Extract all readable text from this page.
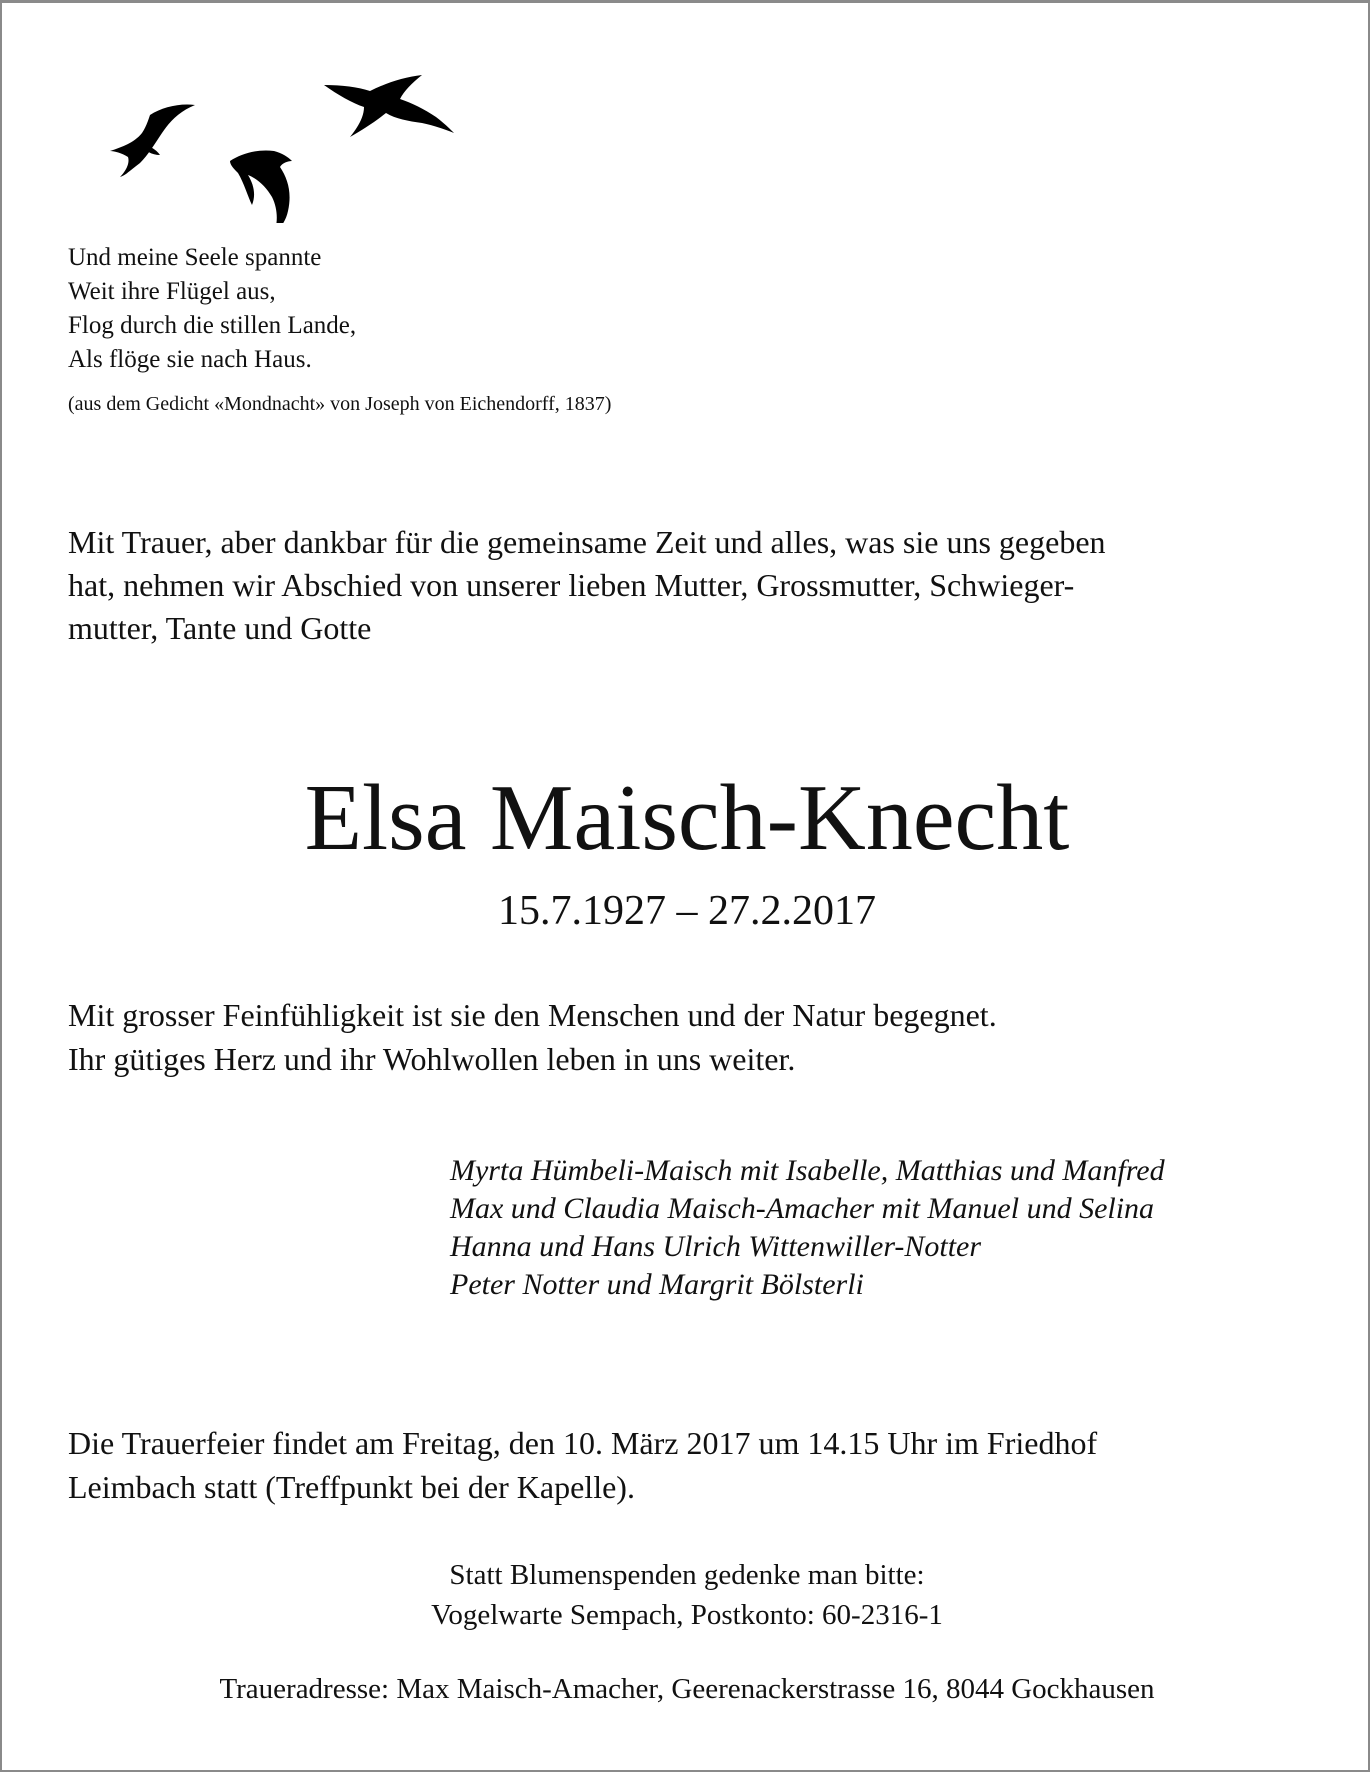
Und meine Seele spannte
Weit ihre Flügel aus,
Flog durch die stillen Lande,
Als flöge sie nach Haus.
(aus dem Gedicht «Mondnacht» von Joseph von Eichendorff, 1837)
Mit Trauer, aber dankbar für die gemeinsame Zeit und alles, was sie uns gegeben
hat, nehmen wir Abschied von unserer lieben Mutter, Grossmutter, Schwieger-
mutter, Tante und Gotte
Elsa Maisch-Knecht
15.7.1927 – 27.2.2017
Mit grosser Feinfühligkeit ist sie den Menschen und der Natur begegnet.
Ihr gütiges Herz und ihr Wohlwollen leben in uns weiter.
Myrta Hümbeli-Maisch mit Isabelle, Matthias und Manfred
Max und Claudia Maisch-Amacher mit Manuel und Selina
Hanna und Hans Ulrich Wittenwiller-Notter
Peter Notter und Margrit Bölsterli
Die Trauerfeier findet am Freitag, den 10. März 2017 um 14.15 Uhr im Friedhof
Leimbach statt (Treffpunkt bei der Kapelle).
Statt Blumenspenden gedenke man bitte:
Vogelwarte Sempach, Postkonto: 60-2316-1
Traueradresse: Max Maisch-Amacher, Geerenackerstrasse 16, 8044 Gockhausen
